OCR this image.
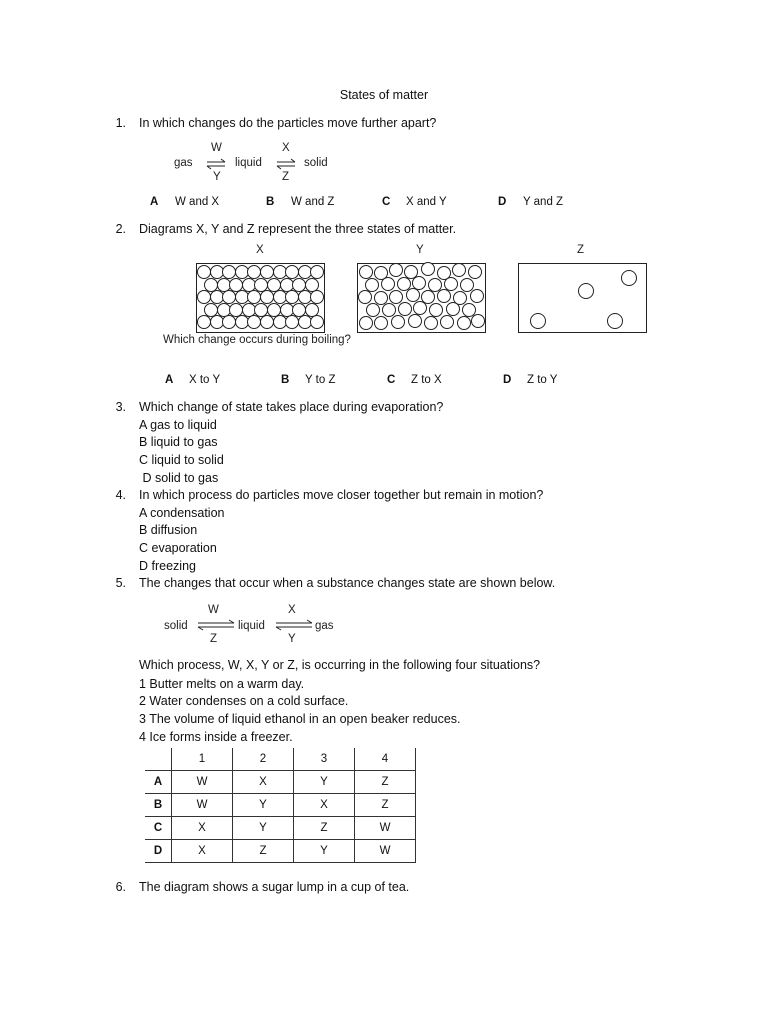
States of matter
1. In which changes do the particles move further apart?
W
Y
X
Z
gas	liquid	solid
A W and X	B W and Z	C X and Y	D Y and Z
2. Diagrams X, Y and Z represent the three states of matter.
X	Y	Z
Which change occurs during boiling?
A X to Y	B Y to Z	C Z to X	D Z to Y
3. Which change of state takes place during evaporation?
A gas to liquid
B liquid to gas
C liquid to solid
D solid to gas
4. In which process do particles move closer together but remain in motion?
A condensation
B diffusion
C evaporation
D freezing
5. The changes that occur when a substance changes state are shown below.
solid	liquid	gas
W
Z
X
Y
Which process, W, X, Y or Z, is occurring in the following four situations?
1 Butter melts on a warm day.
2 Water condenses on a cold surface.
3 The volume of liquid ethanol in an open beaker reduces.
4 Ice forms inside a freezer.
	1	2	3	4
A	W	X	Y	Z
B	W	Y	X	Z
C	X	Y	Z	W
D	X	Z	Y	W
6. The diagram shows a sugar lump in a cup of tea.
